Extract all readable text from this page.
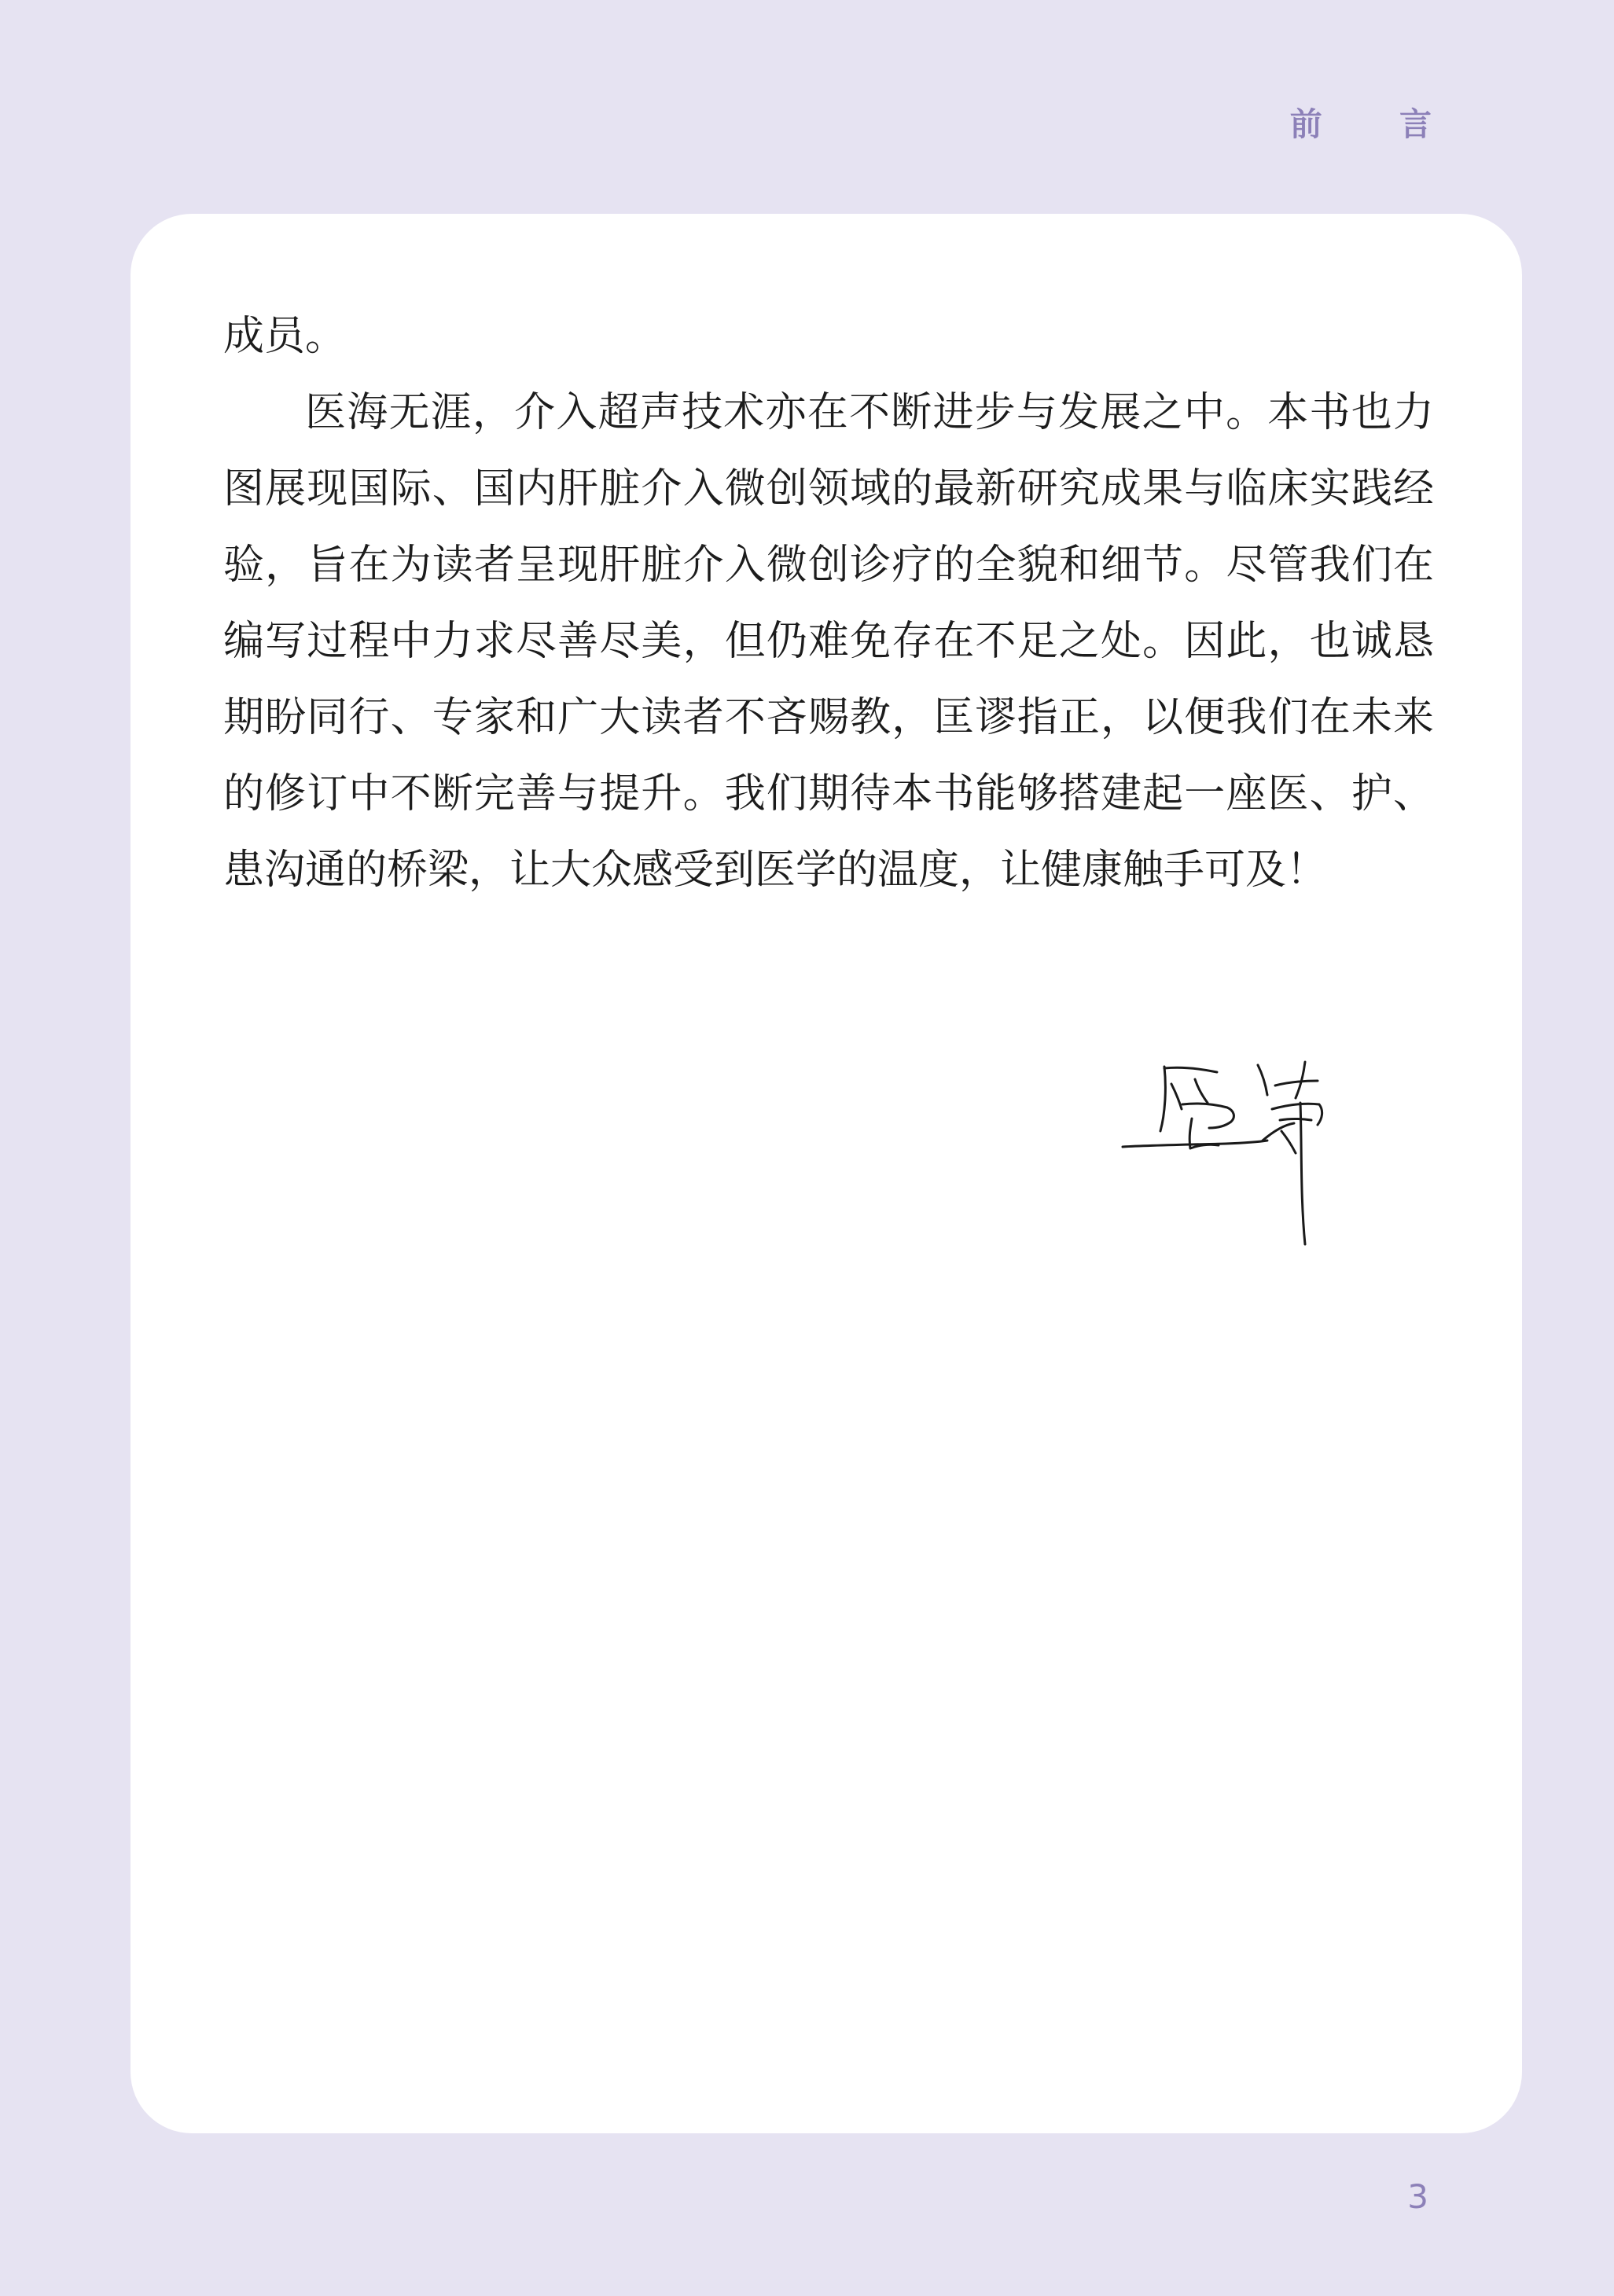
前 言

成员。

医海无涯，介入超声技术亦在不断进步与发展之中。本书也力图展现国际、国内肝脏介入微创领域的最新研究成果与临床实践经验，旨在为读者呈现肝脏介入微创诊疗的全貌和细节。尽管我们在编写过程中力求尽善尽美，但仍难免存在不足之处。因此，也诚恳期盼同行、专家和广大读者不吝赐教，匡谬指正，以便我们在未来的修订中不断完善与提升。我们期待本书能够搭建起一座医、护、患沟通的桥梁，让大众感受到医学的温度，让健康触手可及！

3
